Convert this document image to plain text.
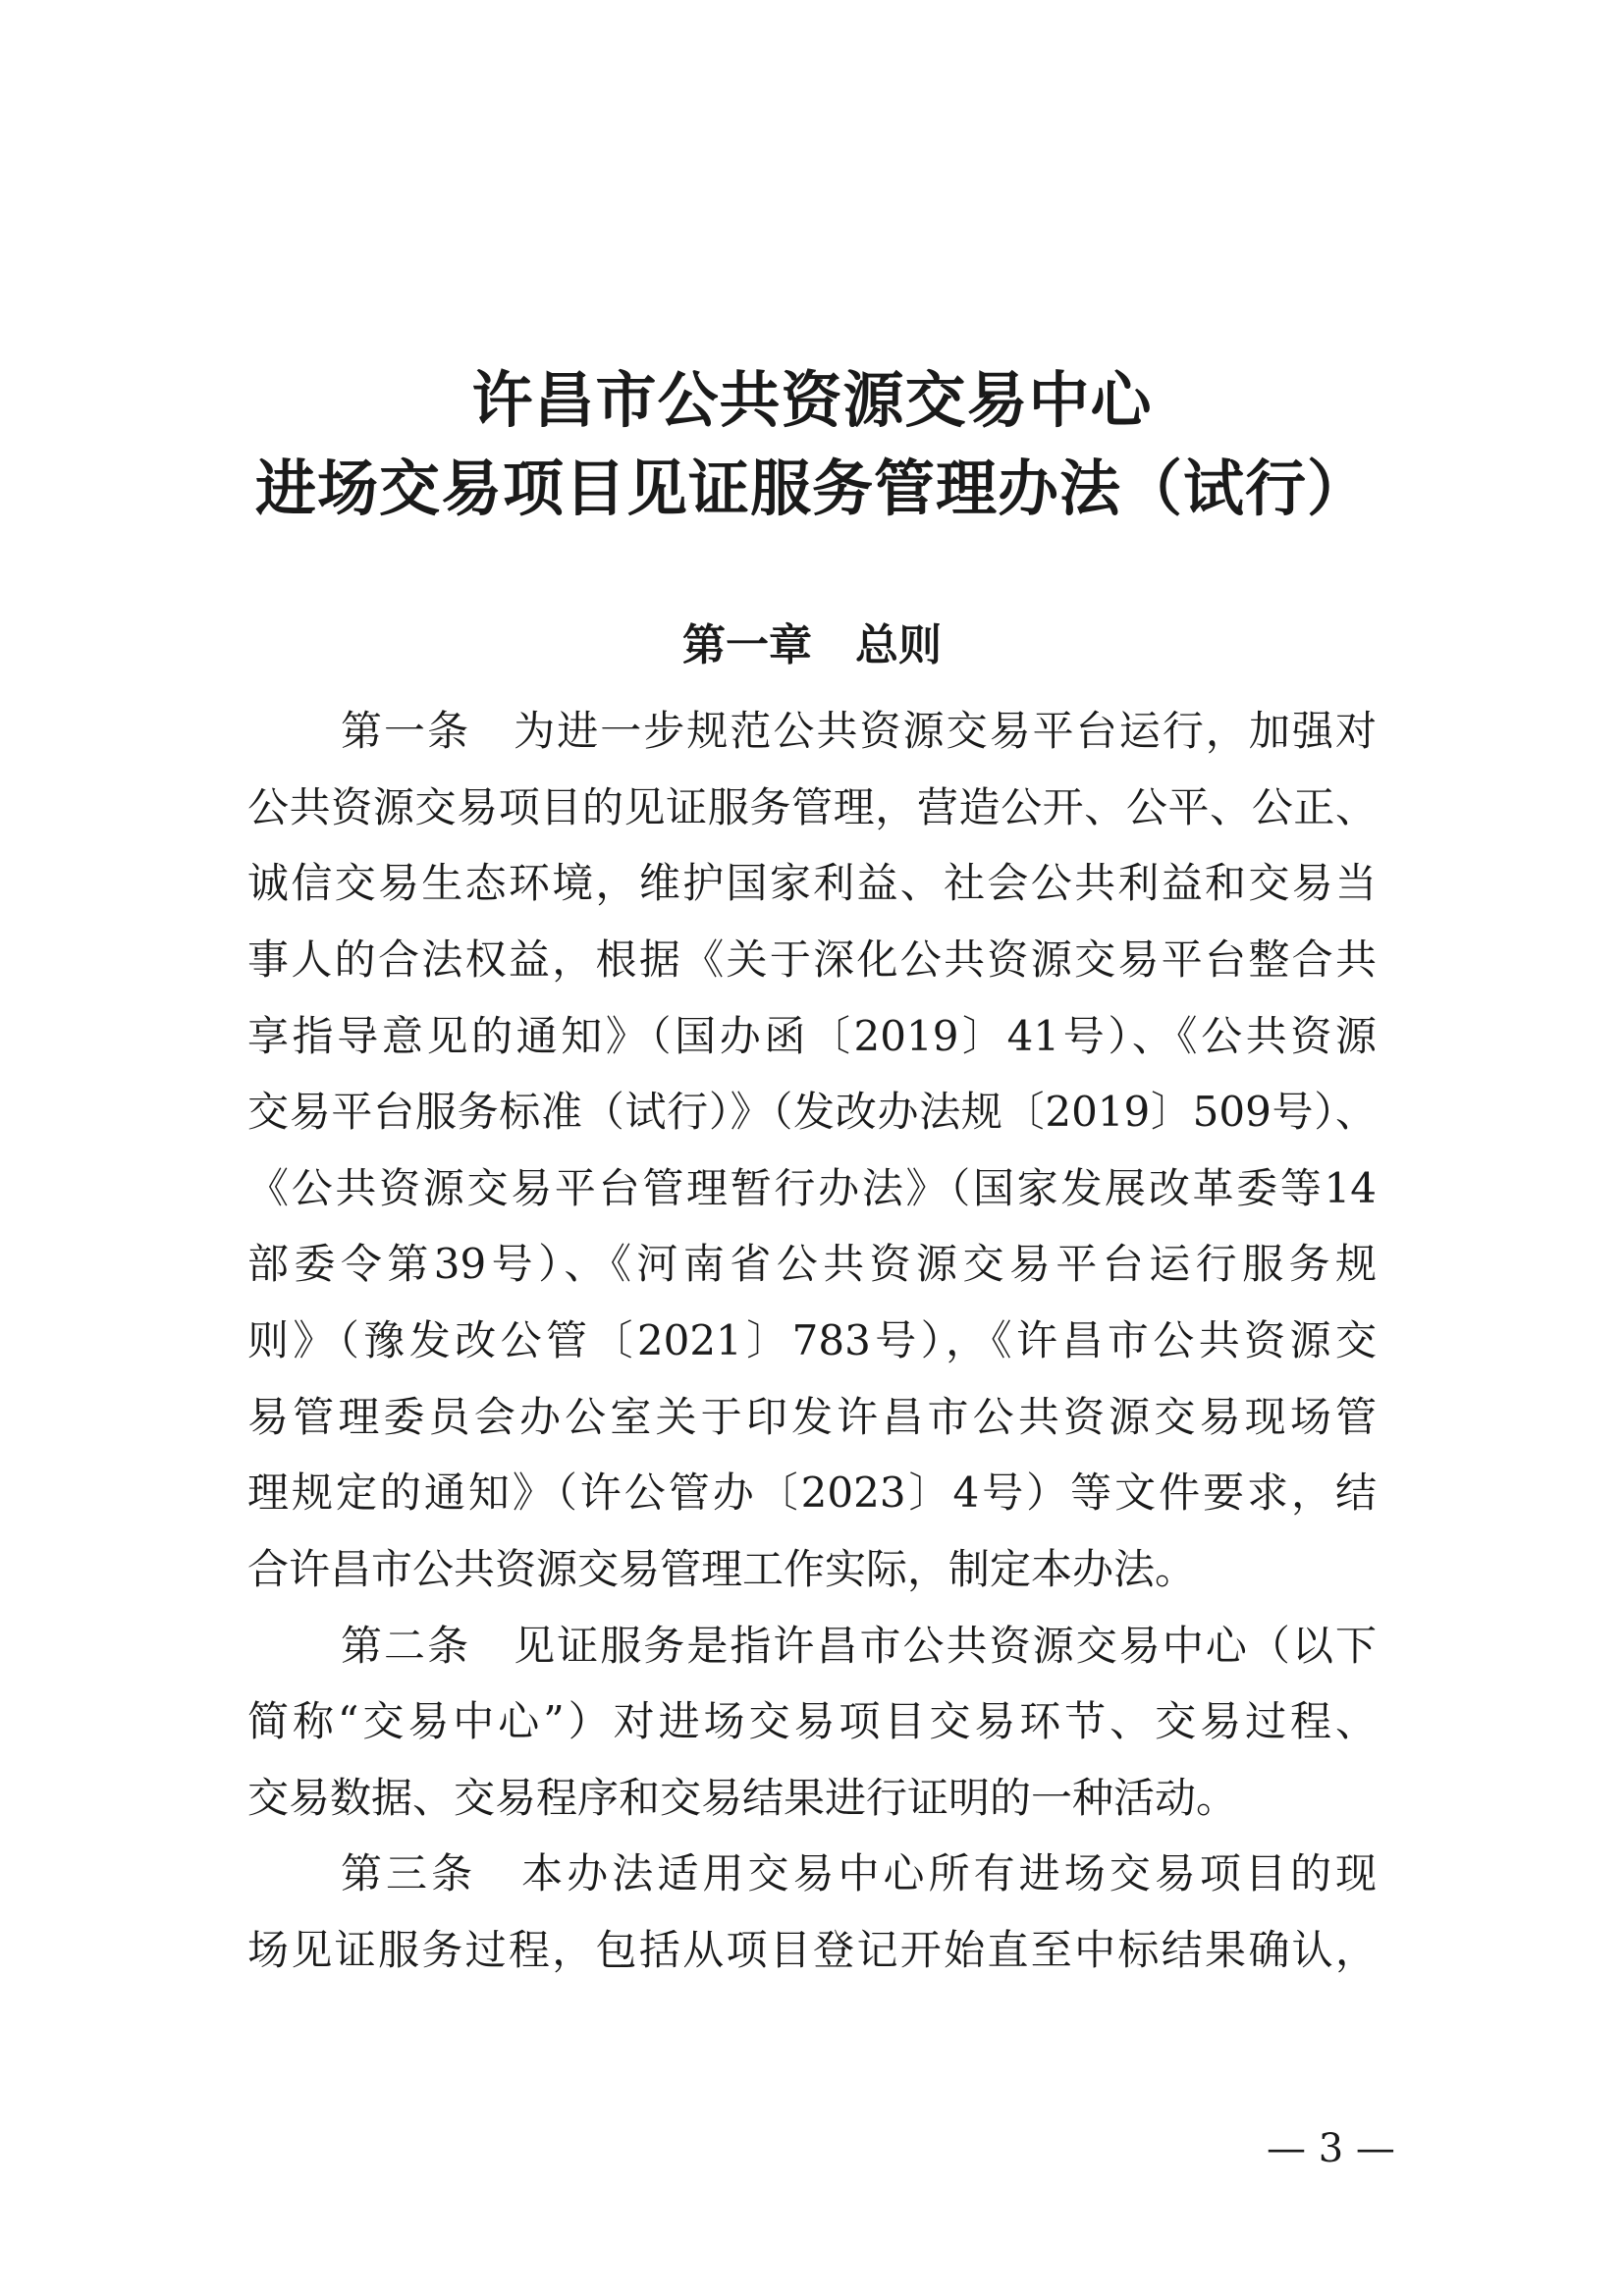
许昌市公共资源交易中心
进场交易项目见证服务管理办法（试行）
第一章　总则

第一条　为进一步规范公共资源交易平台运行，加强对

公共资源交易项目的见证服务管理，营造公开、公平、公正、

诚信交易生态环境，维护国家利益、社会公共利益和交易当

事人的合法权益，根据《关于深化公共资源交易平台整合共

享指导意见的通知》（国办函〔2019〕41号）、《公共资源

交易平台服务标准（试行）》（发改办法规〔2019〕509号）、

《公共资源交易平台管理暂行办法》（国家发展改革委等14

部委令第39号）、《河南省公共资源交易平台运行服务规

则》（豫发改公管〔2021〕783号），《许昌市公共资源交

易管理委员会办公室关于印发许昌市公共资源交易现场管

理规定的通知》（许公管办〔2023〕4号）等文件要求，结

合许昌市公共资源交易管理工作实际，制定本办法。

第二条　见证服务是指许昌市公共资源交易中心（以下

简称“交易中心”）对进场交易项目交易环节、交易过程、

交易数据、交易程序和交易结果进行证明的一种活动。

第三条　本办法适用交易中心所有进场交易项目的现

场见证服务过程，包括从项目登记开始直至中标结果确认，

— 3 —
